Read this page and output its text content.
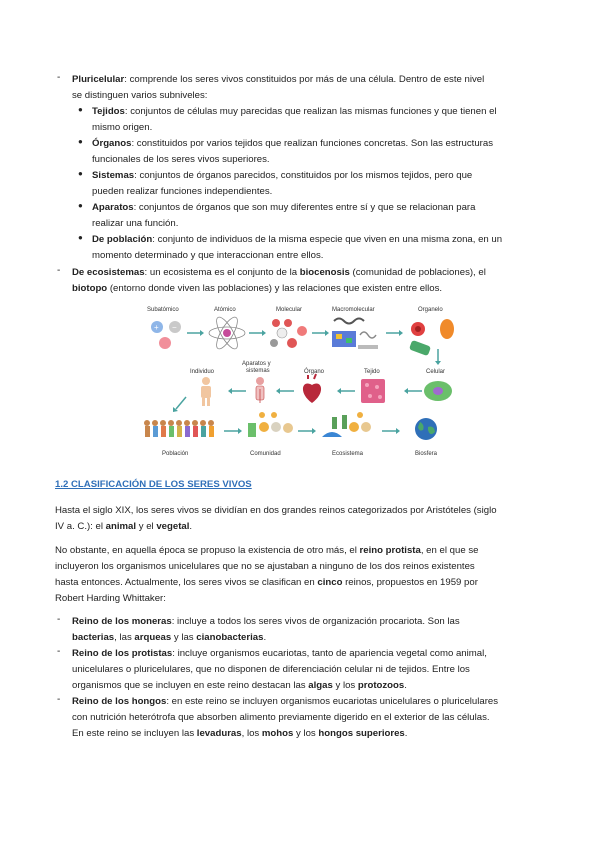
- Pluricelular: comprende los seres vivos constituidos por más de una célula. Dentro de este nivel
se distinguen varios subniveles:
● Tejidos: conjuntos de células muy parecidas que realizan las mismas funciones y que tienen el
mismo origen.
● Órganos: constituidos por varios tejidos que realizan funciones concretas. Son las estructuras
funcionales de los seres vivos superiores.
● Sistemas: conjuntos de órganos parecidos, constituidos por los mismos tejidos, pero que
pueden realizar funciones independientes.
● Aparatos: conjuntos de órganos que son muy diferentes entre sí y que se relacionan para
realizar una función.
● De población: conjunto de individuos de la misma especie que viven en una misma zona, en un
momento determinado y que interaccionan entre ellos.
- De ecosistemas: un ecosistema es el conjunto de la biocenosis (comunidad de poblaciones), el
biotopo (entorno donde viven las poblaciones) y las relaciones que existen entre ellos.
Subatómico	Atómico	Molecular	Macromolecular	Organelo
+ −
Aparatos y
sistemas
Individuo	Órgano	Tejido	Celular
Población	Comunidad	Ecosistema	Biosfera
1.2 CLASIFICACIÓN DE LOS SERES VIVOS
Hasta el siglo XIX, los seres vivos se dividían en dos grandes reinos categorizados por Aristóteles (siglo
IV a. C.): el animal y el vegetal.
No obstante, en aquella época se propuso la existencia de otro más, el reino protista, en el que se
incluyeron los organismos unicelulares que no se ajustaban a ninguno de los dos reinos existentes
hasta entonces. Actualmente, los seres vivos se clasifican en cinco reinos, propuestos en 1959 por
Robert Harding Whittaker:
- Reino de los moneras: incluye a todos los seres vivos de organización procariota. Son las
bacterias, las arqueas y las cianobacterias.
- Reino de los protistas: incluye organismos eucariotas, tanto de apariencia vegetal como animal,
unicelulares o pluricelulares, que no disponen de diferenciación celular ni de tejidos. Entre los
organismos que se incluyen en este reino destacan las algas y los protozoos.
- Reino de los hongos: en este reino se incluyen organismos eucariotas unicelulares o pluricelulares
con nutrición heterótrofa que absorben alimento previamente digerido en el exterior de las células.
En este reino se incluyen las levaduras, los mohos y los hongos superiores.
